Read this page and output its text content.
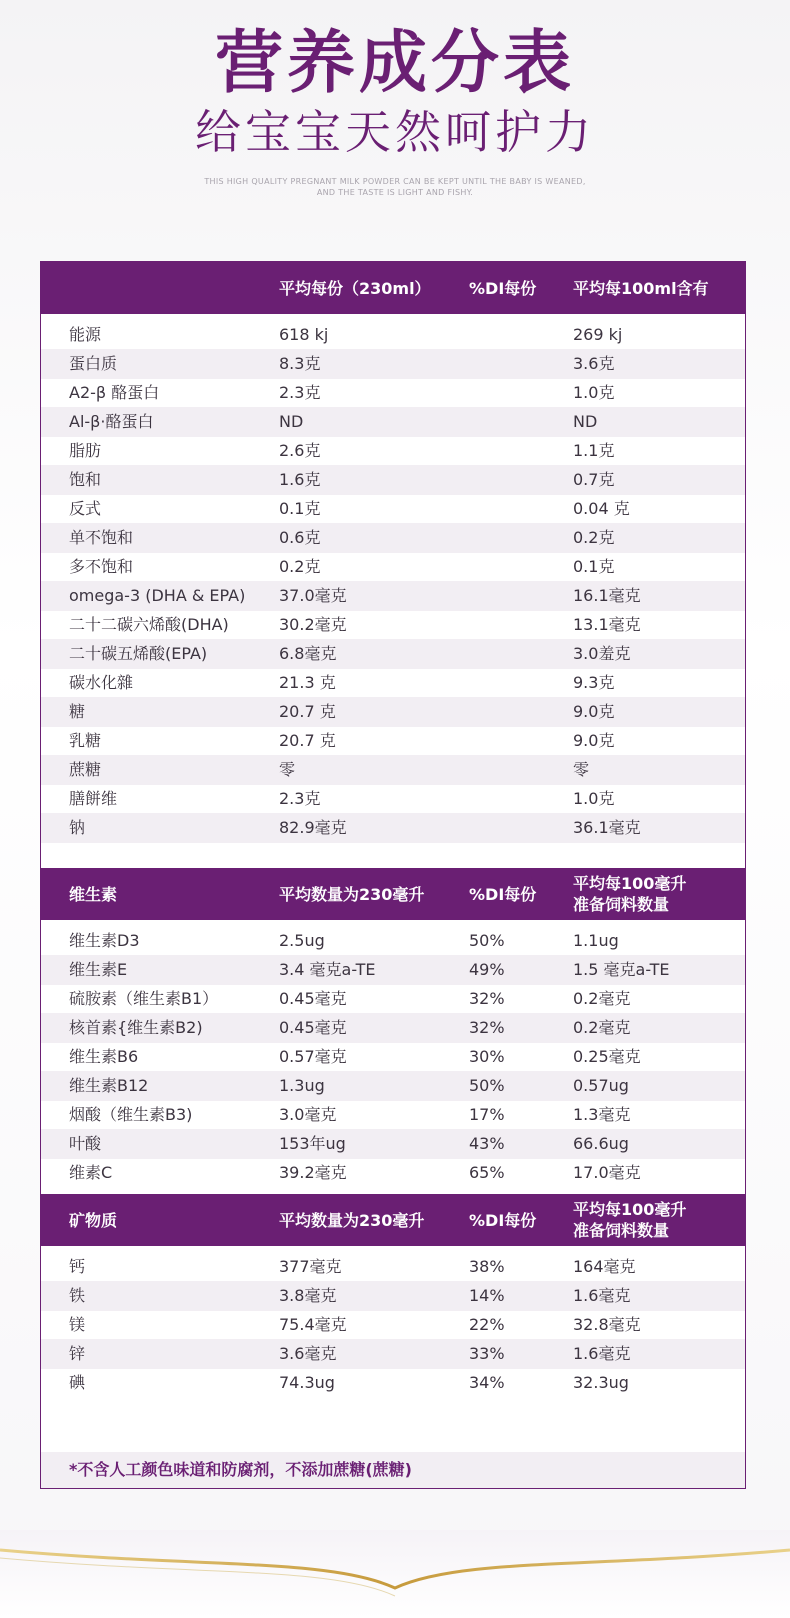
营养成分表
给宝宝天然呵护力
THIS HIGH QUALITY PREGNANT MILK POWDER CAN BE KEPT UNTIL THE BABY IS WEANED,
AND THE TASTE IS LIGHT AND FISHY.
平均每份（230ml） %DI每份 平均每100ml含有
能源	618 kj	269 kj
蛋白质	8.3克	3.6克
A2-β 酪蛋白	2.3克	1.0克
Al-β·酪蛋白	ND	ND
脂肪	2.6克	1.1克
饱和	1.6克	0.7克
反式	0.1克	0.04 克
单不饱和	0.6克	0.2克
多不饱和	0.2克	0.1克
omega-3 (DHA & EPA) 37.0毫克	16.1毫克
二十二碳六烯酸(DHA)	30.2毫克	13.1毫克
二十碳五烯酸(EPA)	6.8毫克	3.0羞克
碳水化雜	21.3 克	9.3克
糖	20.7 克	9.0克
乳糖	20.7 克	9.0克
蔗糖	零	零
膳餅维	2.3克	1.0克
钠	82.9毫克	36.1毫克
维生素	平均数量为230毫升	%DI每份
平均每100毫升
准备饲料数量
维生素D3	2.5ug	50%	1.1ug
维生素E	3.4 毫克a-TE	49%	1.5 毫克a-TE
硫胺素（维生素B1）	0.45毫克	32%	0.2毫克
核首素{维生素B2)	0.45毫克	32%	0.2毫克
维生素B6	0.57毫克	30%	0.25毫克
维生素B12	1.3ug	50%	0.57ug
烟酸（维生素B3)	3.0毫克	17%	1.3毫克
叶酸	153年ug	43%	66.6ug
维素C	39.2毫克	65%	17.0毫克
矿物质	平均数量为230毫升	%DI每份
平均每100毫升
准备饲料数量
钙	377毫克	38%	164毫克
铁	3.8毫克	14%	1.6毫克
镁	75.4毫克	22%	32.8毫克
锌	3.6毫克	33%	1.6毫克
碘	74.3ug	34%	32.3ug
*不含人工颜色味道和防腐剂，不添加蔗糖(蔗糖)
